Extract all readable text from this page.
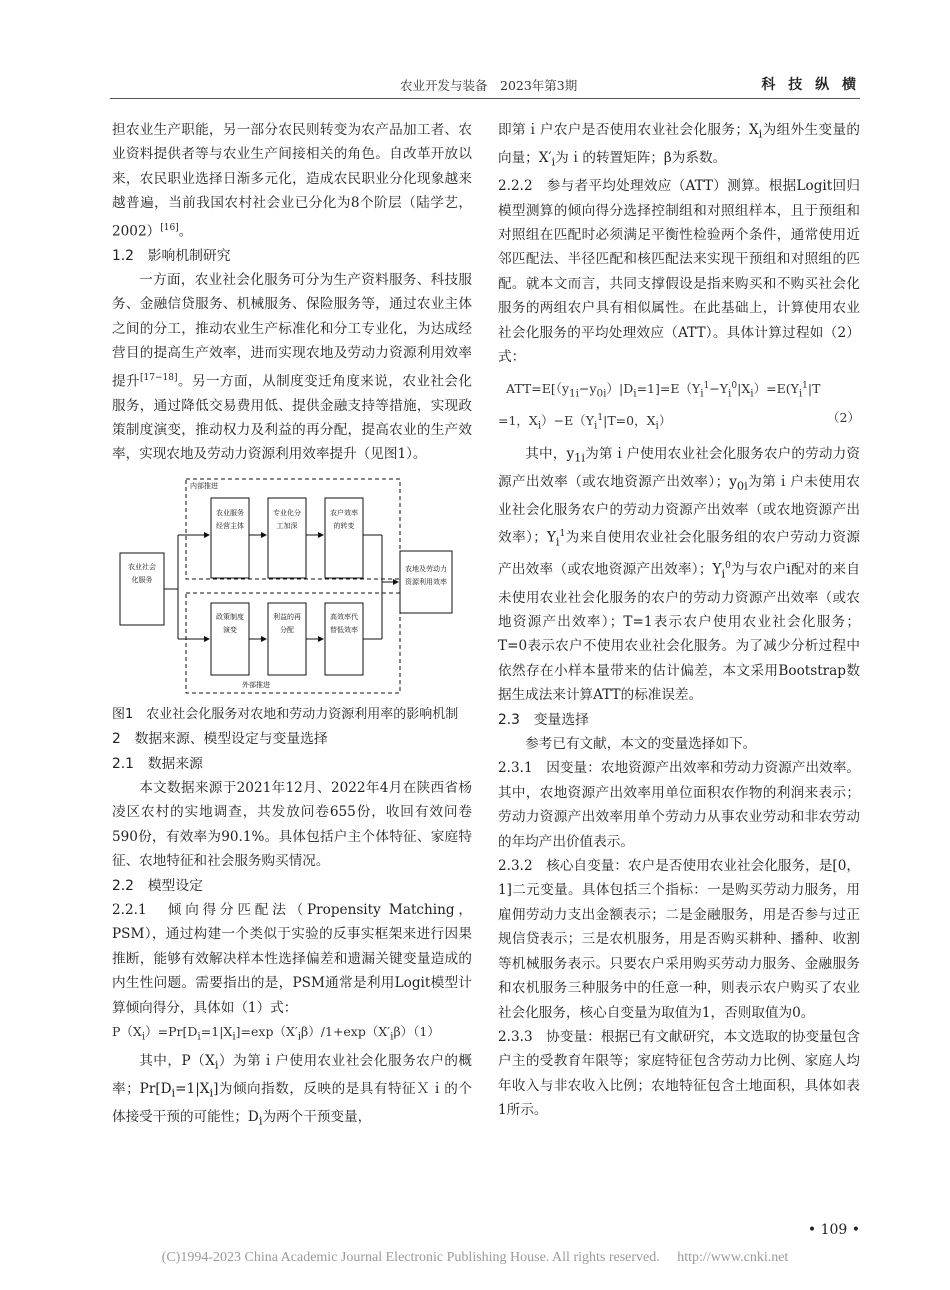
农业开发与装备　2023年第3期	科 技 纵 横

担农业生产职能，另一部分农民则转变为农产品加工者、农业资料提供者等与农业生产间接相关的角色。自改革开放以来，农民职业选择日渐多元化，造成农民职业分化现象越来越普遍，当前我国农村社会业已分化为8个阶层（陆学艺，2002）[16]。

1.2　影响机制研究

一方面，农业社会化服务可分为生产资料服务、科技服务、金融信贷服务、机械服务、保险服务等，通过农业主体之间的分工，推动农业生产标准化和分工专业化，为达成经营目的提高生产效率，进而实现农地及劳动力资源利用效率提升[17−18]。另一方面，从制度变迁角度来说，农业社会化服务，通过降低交易费用低、提供金融支持等措施，实现政策制度演变，推动权力及利益的再分配，提高农业的生产效率，实现农地及劳动力资源利用效率提升（见图1）。

内部推进
外部推进
农业社会化服务
农业服务经营主体
专业化分工加深
农户效率的转变
政策制度演变
利益的再分配
高效率代替低效率
农地及劳动力资源利用效率

图1　农业社会化服务对农地和劳动力资源利用率的影响机制

2　数据来源、模型设定与变量选择

2.1　数据来源

本文数据来源于2021年12月、2022年4月在陕西省杨凌区农村的实地调查，共发放问卷655份，收回有效问卷590份，有效率为90.1%。具体包括户主个体特征、家庭特征、农地特征和社会服务购买情况。

2.2　模型设定

2.2.1　倾向得分匹配法（Propensity Matching，PSM），通过构建一个类似于实验的反事实框架来进行因果推断，能够有效解决样本性选择偏差和遗漏关键变量造成的内生性问题。需要指出的是，PSM通常是利用Logit模型计算倾向得分，具体如（1）式：

$P(X_i)=Pr[D_i=1|X_i]=\exp(X'_i\beta)/1+\exp(X'_i\beta)(1)$

其中，$P(X_i)$为第ｉ户使用农业社会化服务农户的概率；$Pr[D_i=1|X_i]$为倾向指数，反映的是具有特征Ｘｉ的个体接受干预的可能性；$D_i$为两个干预变量，

即第ｉ户农户是否使用农业社会化服务；$X_i$为组外生变量的向量；$X'_i$为ｉ的转置矩阵；β为系数。

2.2.2　参与者平均处理效应（ATT）测算。根据Logit回归模型测算的倾向得分选择控制组和对照组样本，且于预组和对照组在匹配时必须满足平衡性检验两个条件，通常使用近邻匹配法、半径匹配和核匹配法来实现干预组和对照组的匹配。就本文而言，共同支撑假设是指来购买和不购买社会化服务的两组农户具有相似属性。在此基础上，计算使用农业社会化服务的平均处理效应（ATT）。具体计算过程如（2）式：

$ATT=E[(y_{1i}-y_{0i})|D_i=1]=E(Y_i^1-Y_i^0|X_i)=E(Y_i^1|T$

=1，$X_i)-E(Y_i^1|T=0$，$X_i$）	（2）

其中，$y_{1i}$为第ｉ户使用农业社会化服务农户的劳动力资源产出效率（或农地资源产出效率）；$y_{0i}$为第ｉ户未使用农业社会化服务农户的劳动力资源产出效率（或农地资源产出效率）；$Y_i^1$为来自使用农业社会化服务组的农户劳动力资源产出效率（或农地资源产出效率）；$Y_i^0$为与农户i配对的来自未使用农业社会化服务的农户的劳动力资源产出效率（或农地资源产出效率）；T=1表示农户使用农业社会化服务；T=0表示农户不使用农业社会化服务。为了减少分析过程中依然存在小样本量带来的估计偏差，本文采用Bootstrap数据生成法来计算ATT的标准误差。

2.3　变量选择

参考已有文献，本文的变量选择如下。

2.3.1　因变量：农地资源产出效率和劳动力资源产出效率。其中，农地资源产出效率用单位面积农作物的利润来表示；劳动力资源产出效率用单个劳动力从事农业劳动和非农劳动的年均产出价值表示。

2.3.2　核心自变量：农户是否使用农业社会化服务，是[0，1]二元变量。具体包括三个指标：一是购买劳动力服务，用雇佣劳动力支出金额表示；二是金融服务，用是否参与过正规信贷表示；三是农机服务，用是否购买耕种、播种、收割等机械服务表示。只要农户采用购买劳动力服务、金融服务和农机服务三种服务中的任意一种，则表示农户购买了农业社会化服务，核心自变量为取值为1，否则取值为0。

2.3.3　协变量：根据已有文献研究，本文选取的协变量包含户主的受教育年限等；家庭特征包含劳动力比例、家庭人均年收入与非农收入比例；农地特征包含土地面积，具体如表1所示。

• 109 •
(C)1994-2023 China Academic Journal Electronic Publishing House. All rights reserved.　 http://www.cnki.net
